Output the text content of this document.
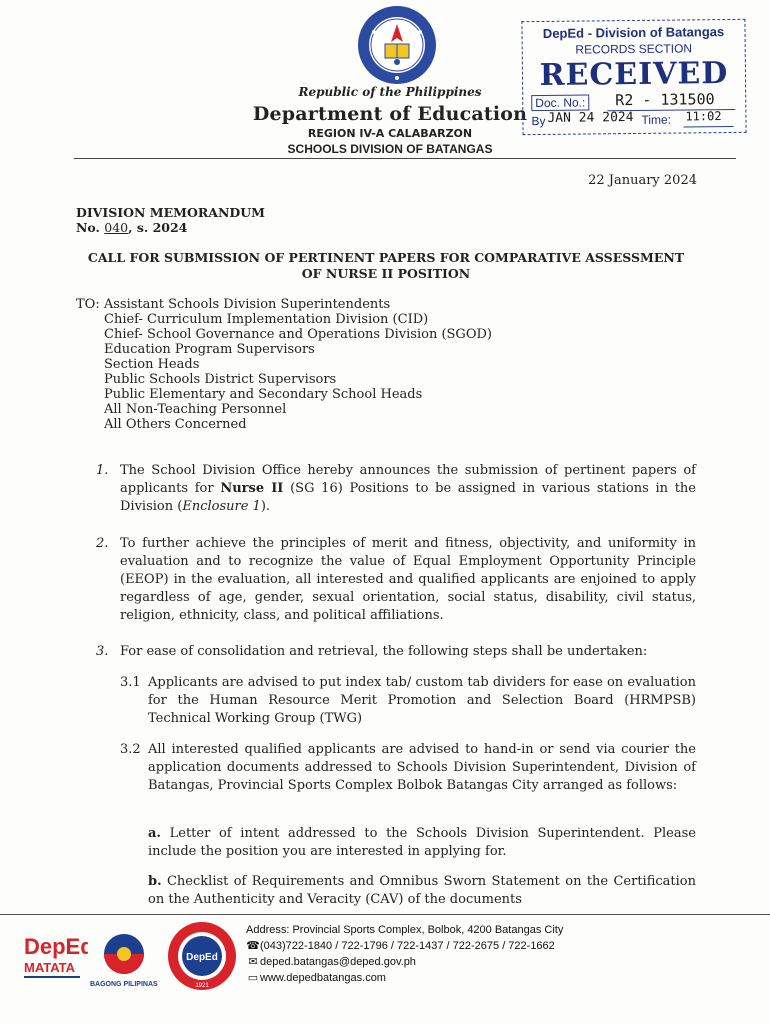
Republic of the Philippines
Department of Education
REGION IV-A CALABARZON
SCHOOLS DIVISION OF BATANGAS
DepEd - Division of Batangas
RECORDS SECTION
RECEIVED
Doc. No.: R2 - 131500
By JAN 24 2024 Time: 11:02
22 January 2024
DIVISION MEMORANDUM
No. 040, s. 2024
CALL FOR SUBMISSION OF PERTINENT PAPERS FOR COMPARATIVE ASSESSMENT
OF NURSE II POSITION
TO: Assistant Schools Division Superintendents
Chief- Curriculum Implementation Division (CID)
Chief- School Governance and Operations Division (SGOD)
Education Program Supervisors
Section Heads
Public Schools District Supervisors
Public Elementary and Secondary School Heads
All Non-Teaching Personnel
All Others Concerned
1. The School Division Office hereby announces the submission of pertinent papers of applicants for Nurse II (SG 16) Positions to be assigned in various stations in the Division (Enclosure 1).
2. To further achieve the principles of merit and fitness, objectivity, and uniformity in evaluation and to recognize the value of Equal Employment Opportunity Principle (EEOP) in the evaluation, all interested and qualified applicants are enjoined to apply regardless of age, gender, sexual orientation, social status, disability, civil status, religion, ethnicity, class, and political affiliations.
3. For ease of consolidation and retrieval, the following steps shall be undertaken:
3.1 Applicants are advised to put index tab/ custom tab dividers for ease on evaluation for the Human Resource Merit Promotion and Selection Board (HRMPSB) Technical Working Group (TWG)
3.2 All interested qualified applicants are advised to hand-in or send via courier the application documents addressed to Schools Division Superintendent, Division of Batangas, Provincial Sports Complex Bolbok Batangas City arranged as follows:
a. Letter of intent addressed to the Schools Division Superintendent. Please include the position you are interested in applying for.
b. Checklist of Requirements and Omnibus Sworn Statement on the Certification on the Authenticity and Veracity (CAV) of the documents
DepEd
MATATA
BAGONG PILIPINAS
DepEd
1921
Address: Provincial Sports Complex, Bolbok, 4200 Batangas City
☎(043)722-1840 / 722-1796 / 722-1437 / 722-2675 / 722-1662
✉ deped.batangas@deped.gov.ph
▭ www.depedbatangas.com
